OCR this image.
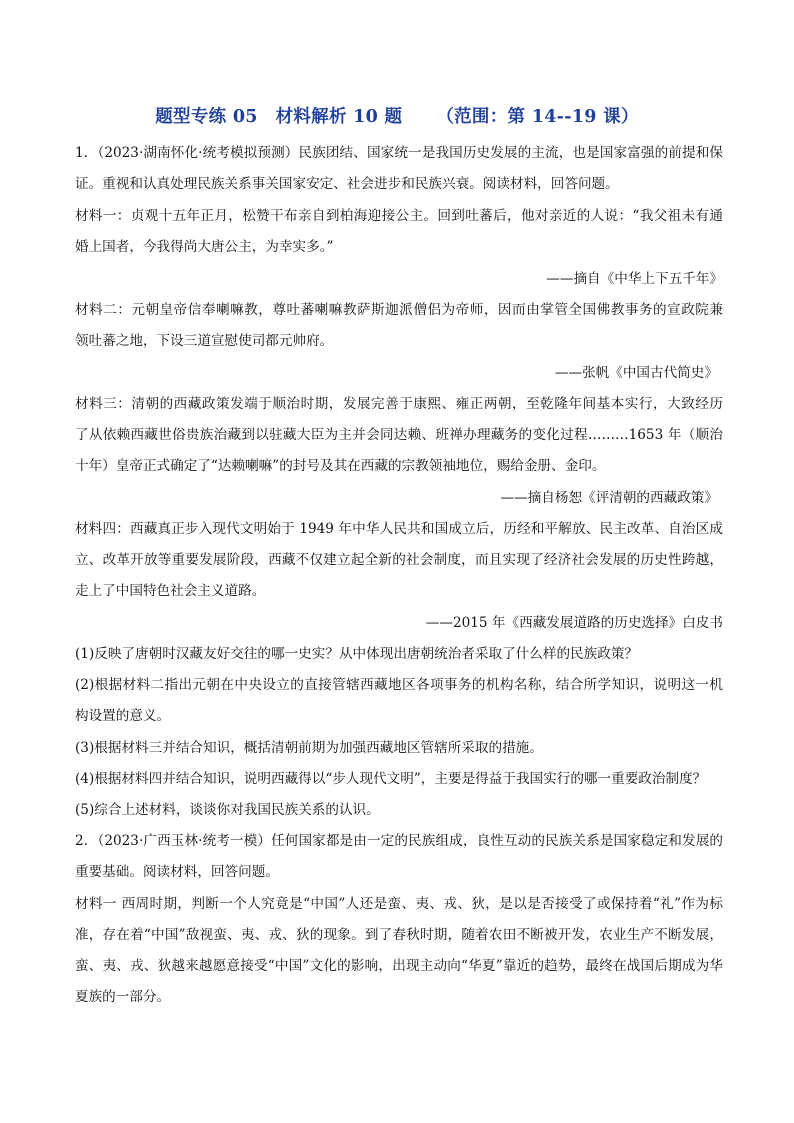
题型专练 05　材料解析 10 题 （范围：第 14--19 课）
1．（2023·湖南怀化·统考模拟预测）民族团结、国家统一是我国历史发展的主流，也是国家富强的前提和保
证。重视和认真处理民族关系事关国家安定、社会进步和民族兴衰。阅读材料，回答问题。
材料一：贞观十五年正月，松赞干布亲自到柏海迎接公主。回到吐蕃后，他对亲近的人说：“我父祖未有通
婚上国者，今我得尚大唐公主，为幸实多。”
——摘自《中华上下五千年》
材料二：元朝皇帝信奉喇嘛教，尊吐蕃喇嘛教萨斯迦派僧侣为帝师，因而由掌管全国佛教事务的宣政院兼
领吐蕃之地，下设三道宣慰使司都元帅府。
——张帆《中国古代简史》
材料三：清朝的西藏政策发端于顺治时期，发展完善于康熙、雍正两朝，至乾隆年间基本实行，大致经历
了从依赖西藏世俗贵族治藏到以驻藏大臣为主并会同达赖、班禅办理藏务的变化过程………1653 年（顺治
十年）皇帝正式确定了“达赖喇嘛”的封号及其在西藏的宗教领袖地位，赐给金册、金印。
——摘自杨恕《评清朝的西藏政策》
材料四：西藏真正步入现代文明始于 1949 年中华人民共和国成立后，历经和平解放、民主改革、自治区成
立、改革开放等重要发展阶段，西藏不仅建立起全新的社会制度，而且实现了经济社会发展的历史性跨越，
走上了中国特色社会主义道路。
——2015 年《西藏发展道路的历史选择》白皮书
(1)反映了唐朝时汉藏友好交往的哪一史实？从中体现出唐朝统治者采取了什么样的民族政策？
(2)根据材料二指出元朝在中央设立的直接管辖西藏地区各项事务的机构名称，结合所学知识，说明这一机
构设置的意义。
(3)根据材料三并结合知识，概括清朝前期为加强西藏地区管辖所采取的措施。
(4)根据材料四并结合知识，说明西藏得以“步人现代文明”，主要是得益于我国实行的哪一重要政治制度？
(5)综合上述材料，谈谈你对我国民族关系的认识。
2．（2023·广西玉林·统考一模）任何国家都是由一定的民族组成，良性互动的民族关系是国家稳定和发展的
重要基础。阅读材料，回答问题。
材料一 西周时期，判断一个人究竟是“中国”人还是蛮、夷、戎、狄，是以是否接受了或保持着“礼”作为标
准，存在着“中国”敌视蛮、夷、戎、狄的现象。到了春秋时期，随着农田不断被开发，农业生产不断发展，
蛮、夷、戎、狄越来越愿意接受“中国”文化的影响，出现主动向“华夏”靠近的趋势，最终在战国后期成为华
夏族的一部分。
